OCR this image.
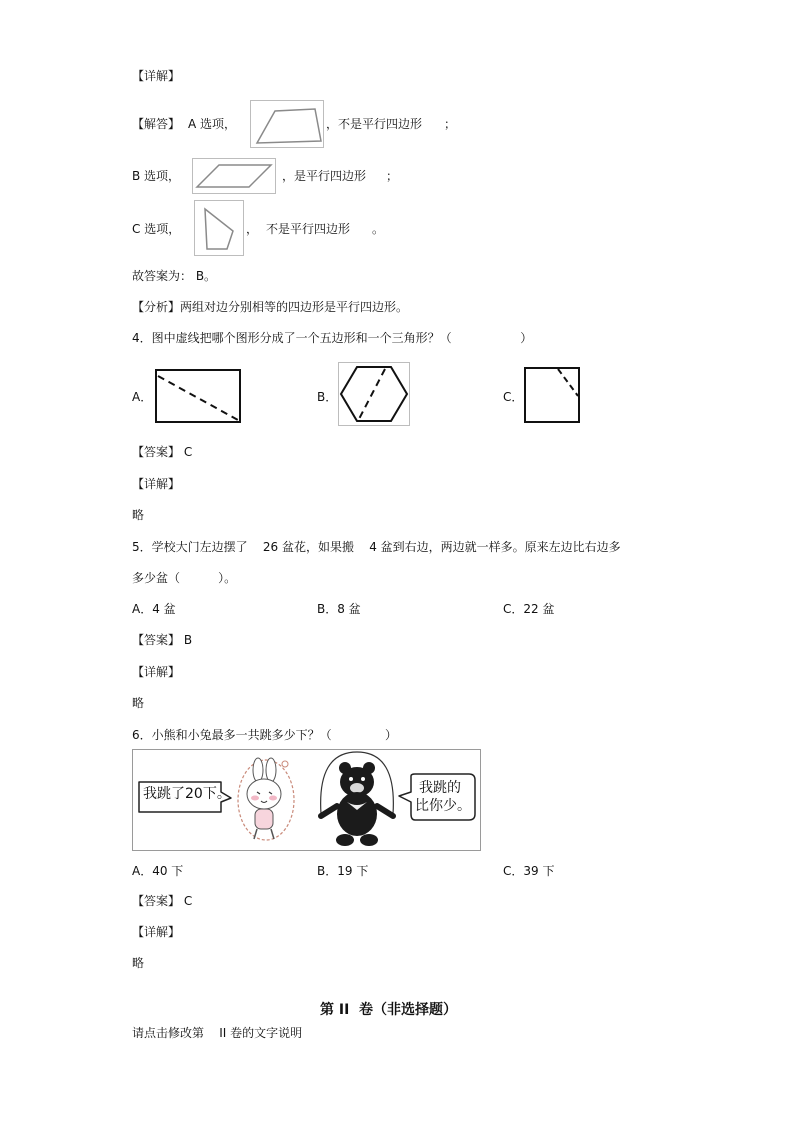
【详解】
【解答】 A 选项，	，不是平行四边形 ；
B 选项，	，是平行四边形 ；
C 选项，	， 不是平行四边形 。
故答案为： B。
【分析】两组对边分别相等的四边形是平行四边形。
4．图中虚线把哪个图形分成了一个五边形和一个三角形？（                  ）
A．	B．	C．
【答案】 C
【详解】
略
5．学校大门左边摆了    26 盆花，如果搬    4 盆到右边，两边就一样多。原来左边比右边多
多少盆（          ）。
A．4 盆	B．8 盆	C．22 盆
【答案】 B
【详解】
略
6．小熊和小兔最多一共跳多少下？（              ）
我跳了20下。	我跳的
比你少。
A．40 下	B．19 下	C．39 下
【答案】 C
【详解】
略
第 II  卷（非选择题）
请点击修改第    II 卷的文字说明
